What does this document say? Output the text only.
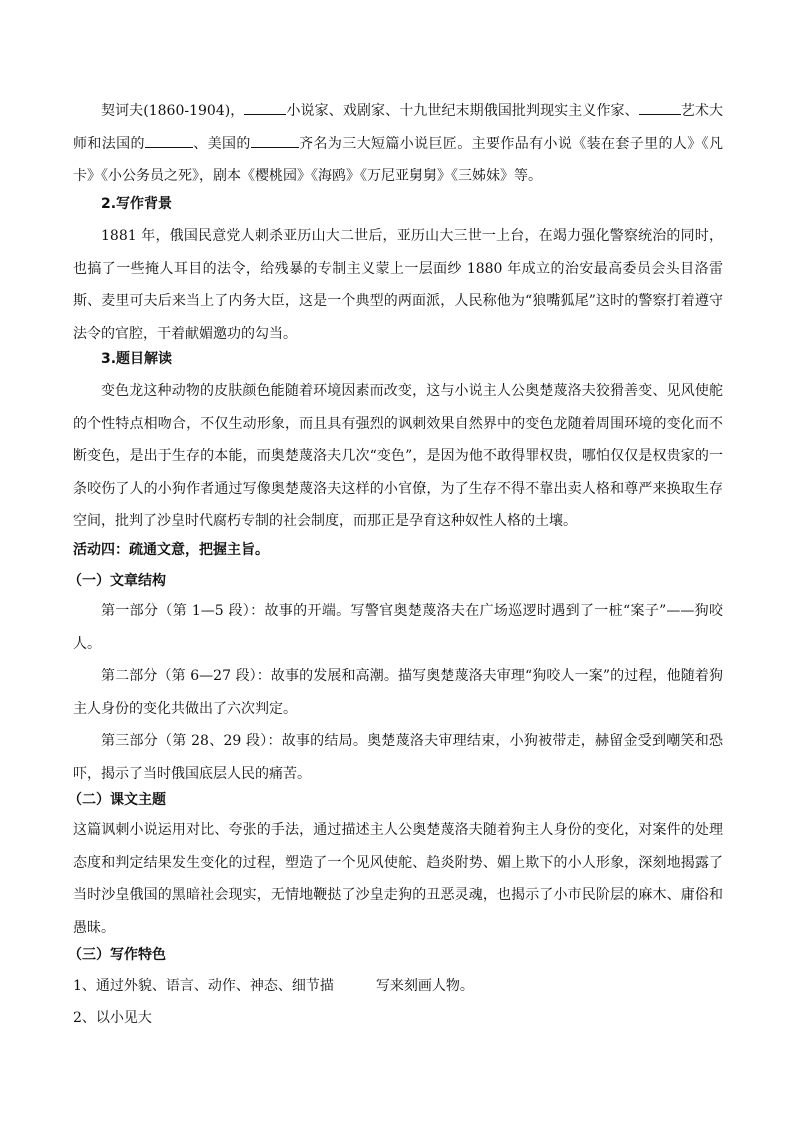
契诃夫(1860-1904)，	小说家、戏剧家、十九世纪末期俄国批判现实主义作家、	艺术大师和法国的	、美国的	齐名为三大短篇小说巨匠。主要作品有小说《装在套子里的人》《凡卡》《小公务员之死》，剧本《樱桃园》《海鸥》《万尼亚舅舅》《三姊妹》等。

2.写作背景

1881 年，俄国民意党人刺杀亚历山大二世后，亚历山大三世一上台，在竭力强化警察统治的同时，也搞了一些掩人耳目的法令，给残暴的专制主义蒙上一层面纱 1880 年成立的治安最高委员会头目洛雷斯、麦里可夫后来当上了内务大臣，这是一个典型的两面派，人民称他为“狼嘴狐尾”这时的警察打着遵守法令的官腔，干着献媚邀功的勾当。

3.题目解读

变色龙这种动物的皮肤颜色能随着环境因素而改变，这与小说主人公奥楚蔑洛夫狡猾善变、见风使舵的个性特点相吻合，不仅生动形象，而且具有强烈的讽刺效果自然界中的变色龙随着周围环境的变化而不断变色，是出于生存的本能，而奥楚蔑洛夫几次“变色”，是因为他不敢得罪权贵，哪怕仅仅是权贵家的一条咬伤了人的小狗作者通过写像奥楚蔑洛夫这样的小官僚，为了生存不得不靠出卖人格和尊严来换取生存空间，批判了沙皇时代腐朽专制的社会制度，而那正是孕育这种奴性人格的土壤。

活动四：疏通文意，把握主旨。

（一）文章结构

第一部分（第 1—5 段）：故事的开端。写警官奥楚蔑洛夫在广场巡逻时遇到了一桩“案子”——狗咬人。

第二部分（第 6—27 段）：故事的发展和高潮。描写奥楚蔑洛夫审理“狗咬人一案”的过程，他随着狗主人身份的变化共做出了六次判定。

第三部分（第 28、29 段）：故事的结局。奥楚蔑洛夫审理结束，小狗被带走，赫留金受到嘲笑和恐吓，揭示了当时俄国底层人民的痛苦。

（二）课文主题

这篇讽刺小说运用对比、夸张的手法，通过描述主人公奥楚蔑洛夫随着狗主人身份的变化，对案件的处理态度和判定结果发生变化的过程，塑造了一个见风使舵、趋炎附势、媚上欺下的小人形象，深刻地揭露了当时沙皇俄国的黑暗社会现实，无情地鞭挞了沙皇走狗的丑恶灵魂，也揭示了小市民阶层的麻木、庸俗和愚昧。

（三）写作特色

1、通过外貌、语言、动作、神态、细节描	写来刻画人物。

2、以小见大
